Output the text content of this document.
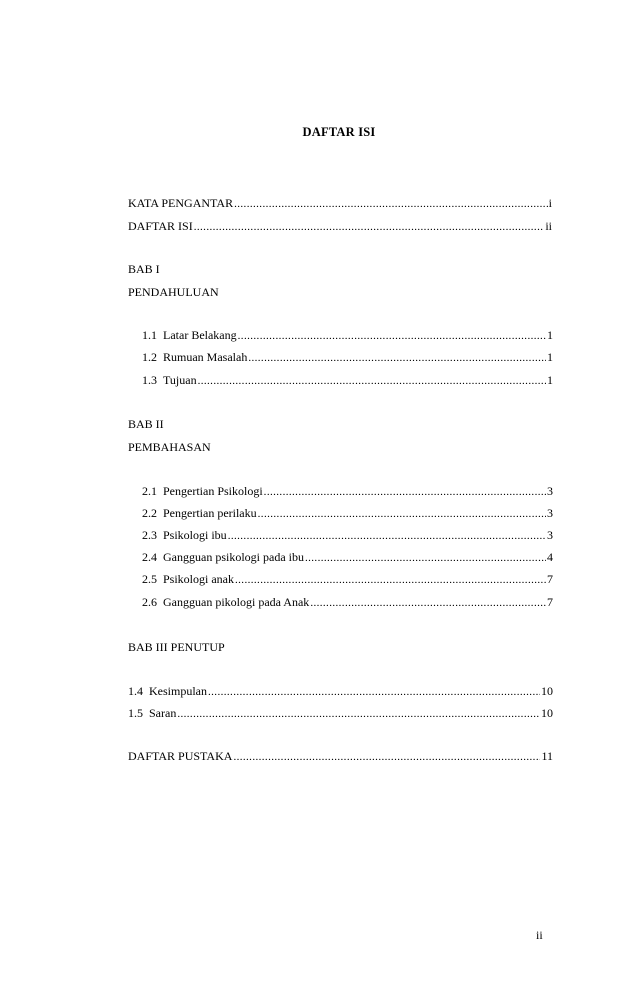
DAFTAR ISI
KATA PENGANTAR .....	i
DAFTAR ISI .....	ii
BAB I
PENDAHULUAN
1.1 Latar Belakang .....	1
1.2 Rumuan Masalah .....	1
1.3 Tujuan .....	1
BAB II
PEMBAHASAN
2.1 Pengertian Psikologi .....	3
2.2 Pengertian perilaku .....	3
2.3 Psikologi ibu .....	3
2.4 Gangguan psikologi pada ibu .....	4
2.5 Psikologi anak .....	7
2.6 Gangguan pikologi pada Anak .....	7
BAB III PENUTUP
1.4 Kesimpulan .....	10
1.5 Saran .....	10
DAFTAR PUSTAKA .....	11
ii
